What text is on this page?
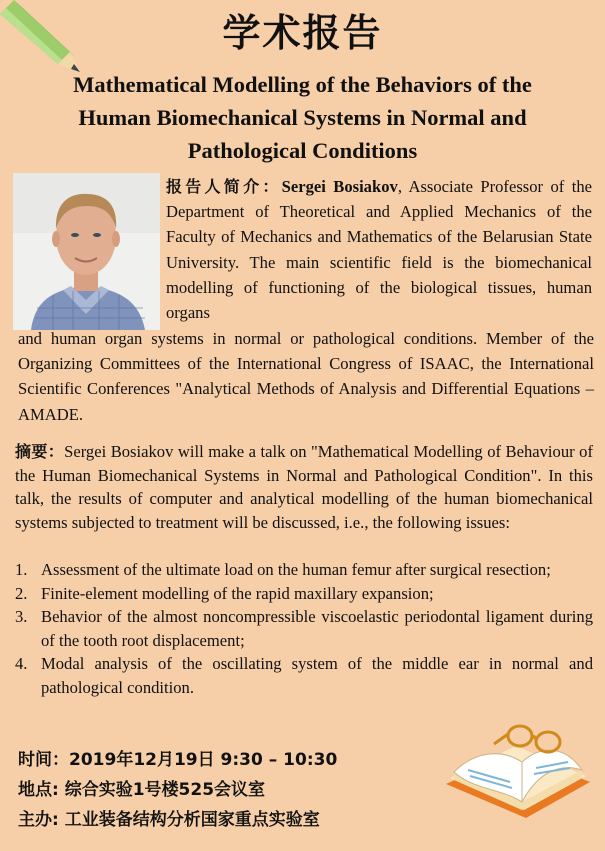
学术报告
Mathematical Modelling of the Behaviors of the
Human Biomechanical Systems in Normal and
Pathological Conditions

报告人简介：Sergei Bosiakov, Associate Professor of the Department of Theoretical and Applied Mechanics of the Faculty of Mechanics and Mathematics of the Belarusian State University. The main scientific field is the biomechanical modelling of functioning of the biological tissues, human organs

and human organ systems in normal or pathological conditions. Member of the Organizing Committees of the International Congress of ISAAC, the International Scientific Conferences "Analytical Methods of Analysis and Differential Equations – AMADE.

摘要：Sergei Bosiakov will make a talk on "Mathematical Modelling of Behaviour of the Human Biomechanical Systems in Normal and Pathological Condition". In this talk, the results of computer and analytical modelling of the human biomechanical systems subjected to treatment will be discussed, i.e., the following issues:

1. Assessment of the ultimate load on the human femur after surgical resection;
2. Finite-element modelling of the rapid maxillary expansion;
3. Behavior of the almost noncompressible viscoelastic periodontal ligament during of the tooth root displacement;
4. Modal analysis of the oscillating system of the middle ear in normal and pathological condition.
时间：2019年12月19日 9:30 – 10:30
地点: 综合实验1号楼525会议室
主办: 工业装备结构分析国家重点实验室
